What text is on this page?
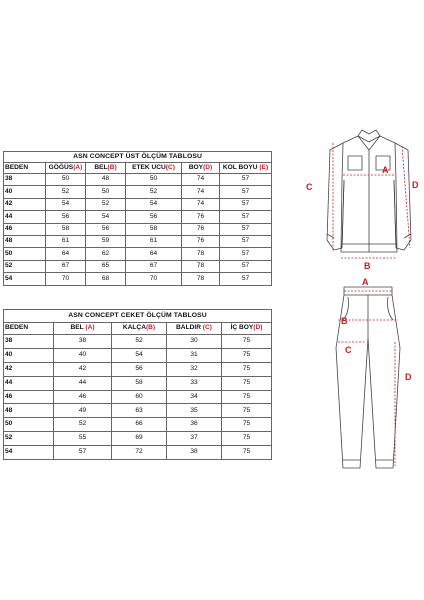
ASN CONCEPT ÜST ÖLÇÜM TABLOSU					
BEDEN	GÖĞÜS(A)	BEL(B)	ETEK UCU(C)	BOY(D)	KOL BOYU (E)
38	50	48	50	74	57
40	52	50	52	74	57
42	54	52	54	74	57
44	56	54	56	76	57
46	58	56	58	76	57
48	61	59	61	76	57
50	64	62	64	78	57
52	67	65	67	78	57
54	70	68	70	78	57
ASN CONCEPT CEKET ÖLÇÜM TABLOSU				
BEDEN	BEL (A)	KALÇA(B)	BALDIR (C)	İÇ BOY(D)
38	38	52	30	75
40	40	54	31	75
42	42	56	32	75
44	44	58	33	75
46	46	60	34	75
48	49	63	35	75
50	52	66	36	75
52	55	69	37	75
54	57	72	38	75
A
B
C	D
A
B
C
D
